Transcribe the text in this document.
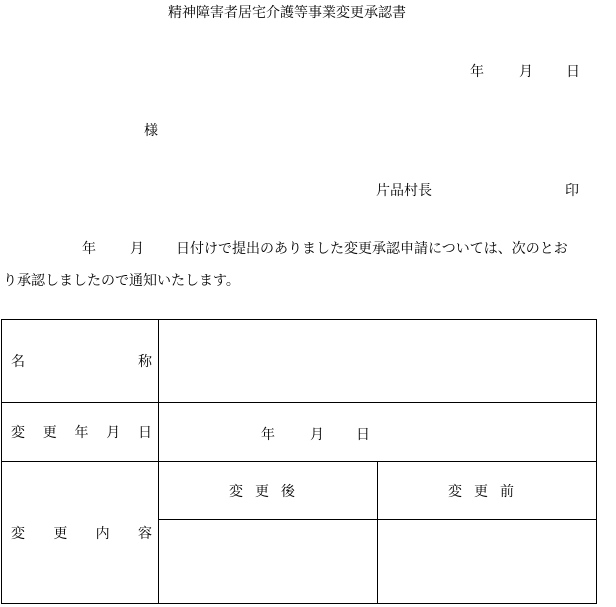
精神障害者居宅介護等事業変更承認書
年	月 日
様
片品村長	印
年 月 日付けで提出のありました変更承認申請については、次のとお
り承認しましたので通知いたします。
名 称		

変 更 年 月 日	年 月 日	

変 更 内 容	変更後	変更前
